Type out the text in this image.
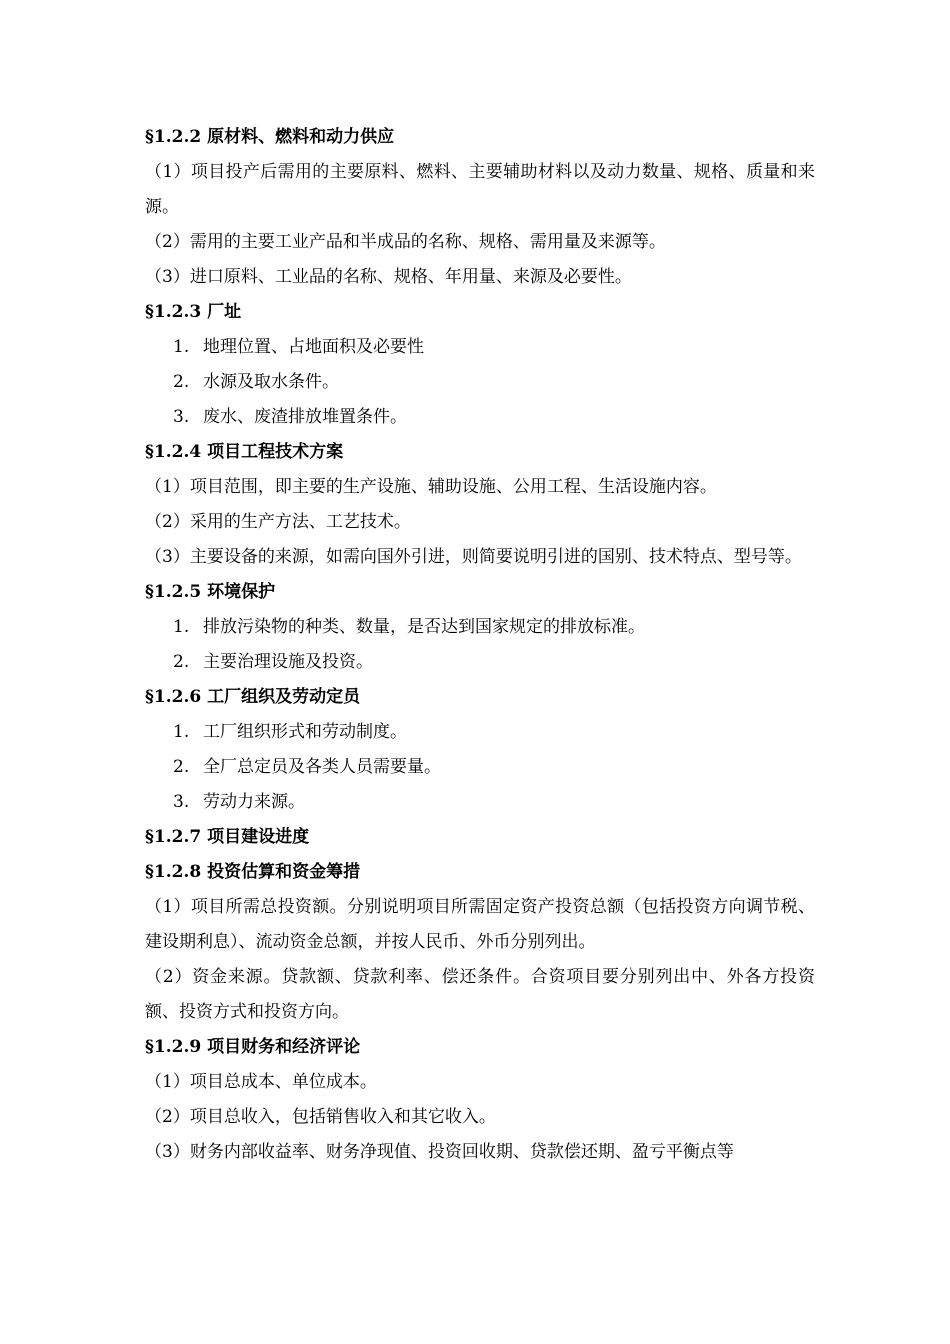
§1.2.2 原材料、燃料和动力供应
（1）项目投产后需用的主要原料、燃料、主要辅助材料以及动力数量、规格、质量和来源。
（2）需用的主要工业产品和半成品的名称、规格、需用量及来源等。
（3）进口原料、工业品的名称、规格、年用量、来源及必要性。
§1.2.3 厂址
1. 地理位置、占地面积及必要性
2. 水源及取水条件。
3. 废水、废渣排放堆置条件。
§1.2.4 项目工程技术方案
（1）项目范围，即主要的生产设施、辅助设施、公用工程、生活设施内容。
（2）采用的生产方法、工艺技术。
（3）主要设备的来源，如需向国外引进，则简要说明引进的国别、技术特点、型号等。
§1.2.5 环境保护
1. 排放污染物的种类、数量，是否达到国家规定的排放标准。
2. 主要治理设施及投资。
§1.2.6 工厂组织及劳动定员
1. 工厂组织形式和劳动制度。
2. 全厂总定员及各类人员需要量。
3. 劳动力来源。
§1.2.7 项目建设进度
§1.2.8 投资估算和资金筹措
（1）项目所需总投资额。分别说明项目所需固定资产投资总额（包括投资方向调节税、建设期利息）、流动资金总额，并按人民币、外币分别列出。
（2）资金来源。贷款额、贷款利率、偿还条件。合资项目要分别列出中、外各方投资额、投资方式和投资方向。
§1.2.9 项目财务和经济评论
（1）项目总成本、单位成本。
（2）项目总收入，包括销售收入和其它收入。
（3）财务内部收益率、财务净现值、投资回收期、贷款偿还期、盈亏平衡点等
